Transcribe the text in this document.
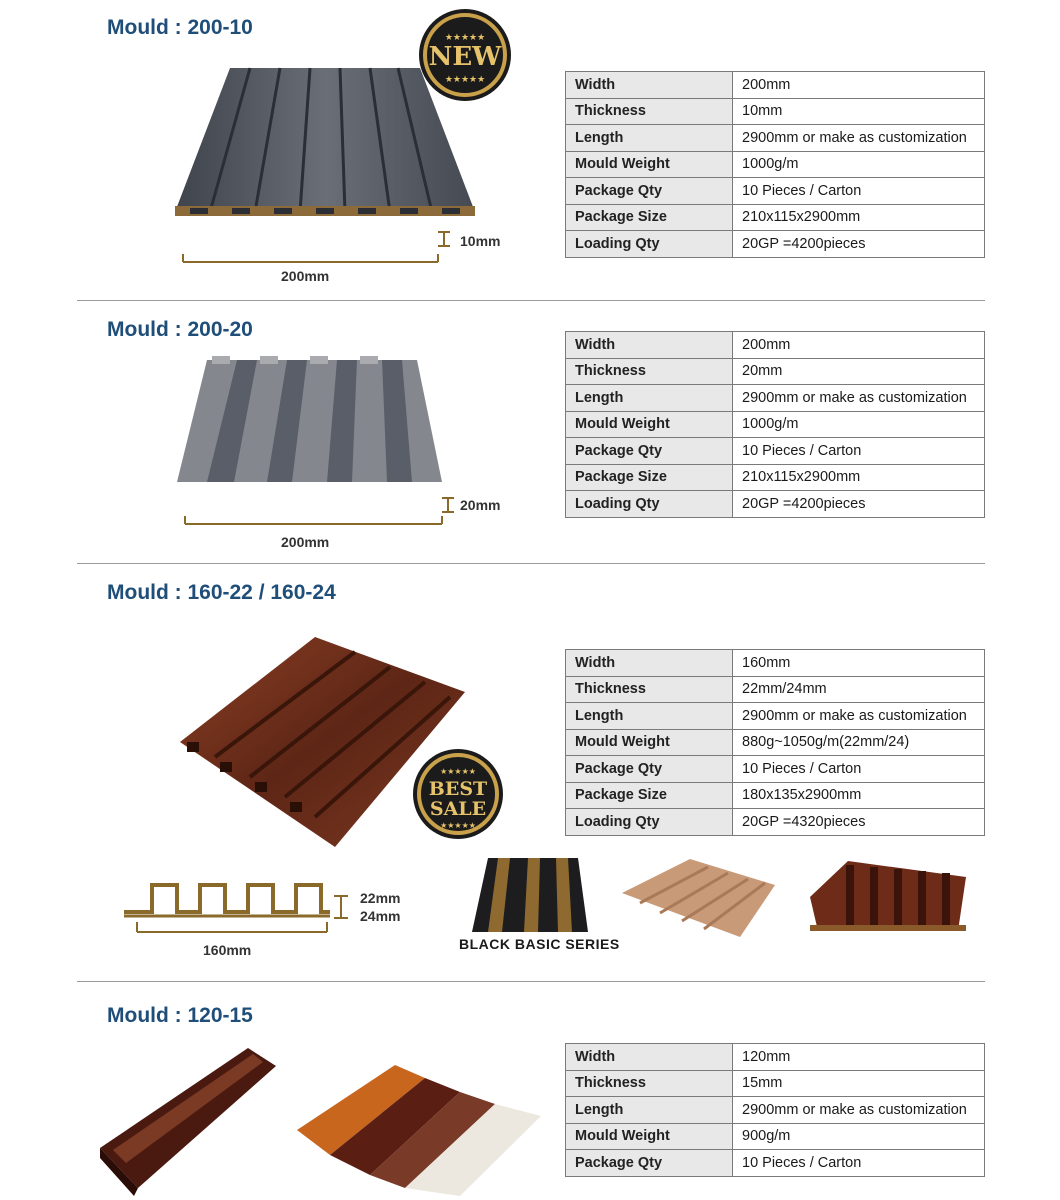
Mould : 200-10
NEW
★★★★★
★★★★★
10mm
200mm
Width	200mm
Thickness	10mm
Length	2900mm or make as customization
Mould Weight	1000g/m
Package Qty	10 Pieces / Carton
Package Size	210x115x2900mm
Loading Qty	20GP =4200pieces
Mould : 200-20
20mm
200mm
Width	200mm
Thickness	20mm
Length	2900mm or make as customization
Mould Weight	1000g/m
Package Qty	10 Pieces / Carton
Package Size	210x115x2900mm
Loading Qty	20GP =4200pieces
Mould : 160-22 / 160-24
★★★★★
BEST
SALE
★★★★★
22mm
24mm
160mm	BLACK BASIC SERIES
Width	160mm
Thickness	22mm/24mm
Length	2900mm or make as customization
Mould Weight	880g~1050g/m(22mm/24)
Package Qty	10 Pieces / Carton
Package Size	180x135x2900mm
Loading Qty	20GP =4320pieces
Mould : 120-15
Width	120mm
Thickness	15mm
Length	2900mm or make as customization
Mould Weight	900g/m
Package Qty	10 Pieces / Carton
